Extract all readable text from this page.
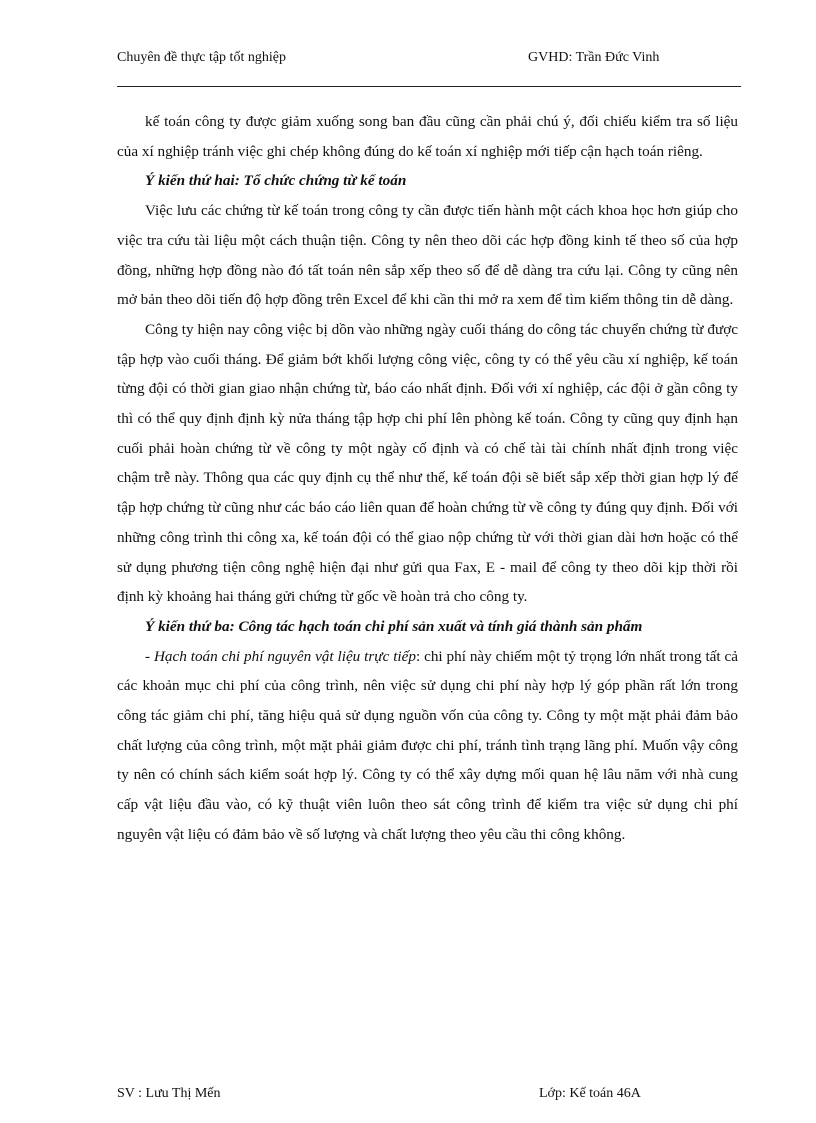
Chuyên đề thực tập tốt nghiệp	GVHD: Trần Đức Vinh

kế toán công ty được giảm xuống song ban đầu cũng cần phải chú ý, đối chiếu kiểm tra số liệu của xí nghiệp tránh việc ghi chép không đúng do kế toán xí nghiệp mới tiếp cận hạch toán riêng.

Ý kiến thứ hai: Tổ chức chứng từ kế toán

Việc lưu các chứng từ kế toán trong công ty cần được tiến hành một cách khoa học hơn giúp cho việc tra cứu tài liệu một cách thuận tiện. Công ty nên theo dõi các hợp đồng kinh tế theo số của hợp đồng, những hợp đồng nào đó tất toán nên sắp xếp theo số để dễ dàng tra cứu lại. Công ty cũng nên mở bản theo dõi tiến độ hợp đồng trên Excel để khi cần thi mở ra xem để tìm kiếm thông tin dễ dàng.

Công ty hiện nay công việc bị dồn vào những ngày cuối tháng do công tác chuyển chứng từ được tập hợp vào cuối tháng. Để giảm bớt khối lượng công việc, công ty có thể yêu cầu xí nghiệp, kế toán từng đội có thời gian giao nhận chứng từ, báo cáo nhất định. Đối với xí nghiệp, các đội ở gần công ty thì có thể quy định định kỳ nửa tháng tập hợp chi phí lên phòng kế toán. Công ty cũng quy định hạn cuối phải hoàn chứng từ về công ty một ngày cố định và có chế tài tài chính nhất định trong việc chậm trễ này. Thông qua các quy định cụ thể như thế, kế toán đội sẽ biết sắp xếp thời gian hợp lý để tập hợp chứng từ cũng như các báo cáo liên quan để hoàn chứng từ về công ty đúng quy định. Đối với những công trình thi công xa, kế toán đội có thể giao nộp chứng từ với thời gian dài hơn hoặc có thể sử dụng phương tiện công nghệ hiện đại như gửi qua Fax, E - mail để công ty theo dõi kịp thời rồi định kỳ khoảng hai tháng gửi chứng từ gốc về hoàn trả cho công ty.

Ý kiến thứ ba: Công tác hạch toán chi phí sản xuất và tính giá thành sản phẩm

- Hạch toán chi phí nguyên vật liệu trực tiếp: chi phí này chiếm một tỷ trọng lớn nhất trong tất cả các khoản mục chi phí của công trình, nên việc sử dụng chi phí này hợp lý góp phần rất lớn trong công tác giảm chi phí, tăng hiệu quả sử dụng nguồn vốn của công ty. Công ty một mặt phải đảm bảo chất lượng của công trình, một mặt phải giảm được chi phí, tránh tình trạng lãng phí. Muốn vậy công ty nên có chính sách kiểm soát hợp lý. Công ty có thể xây dựng mối quan hệ lâu năm với nhà cung cấp vật liệu đầu vào, có kỹ thuật viên luôn theo sát công trình để kiểm tra việc sử dụng chi phí nguyên vật liệu có đảm bảo về số lượng và chất lượng theo yêu cầu thi công không.

SV : Lưu Thị Mến	Lớp: Kế toán 46A
